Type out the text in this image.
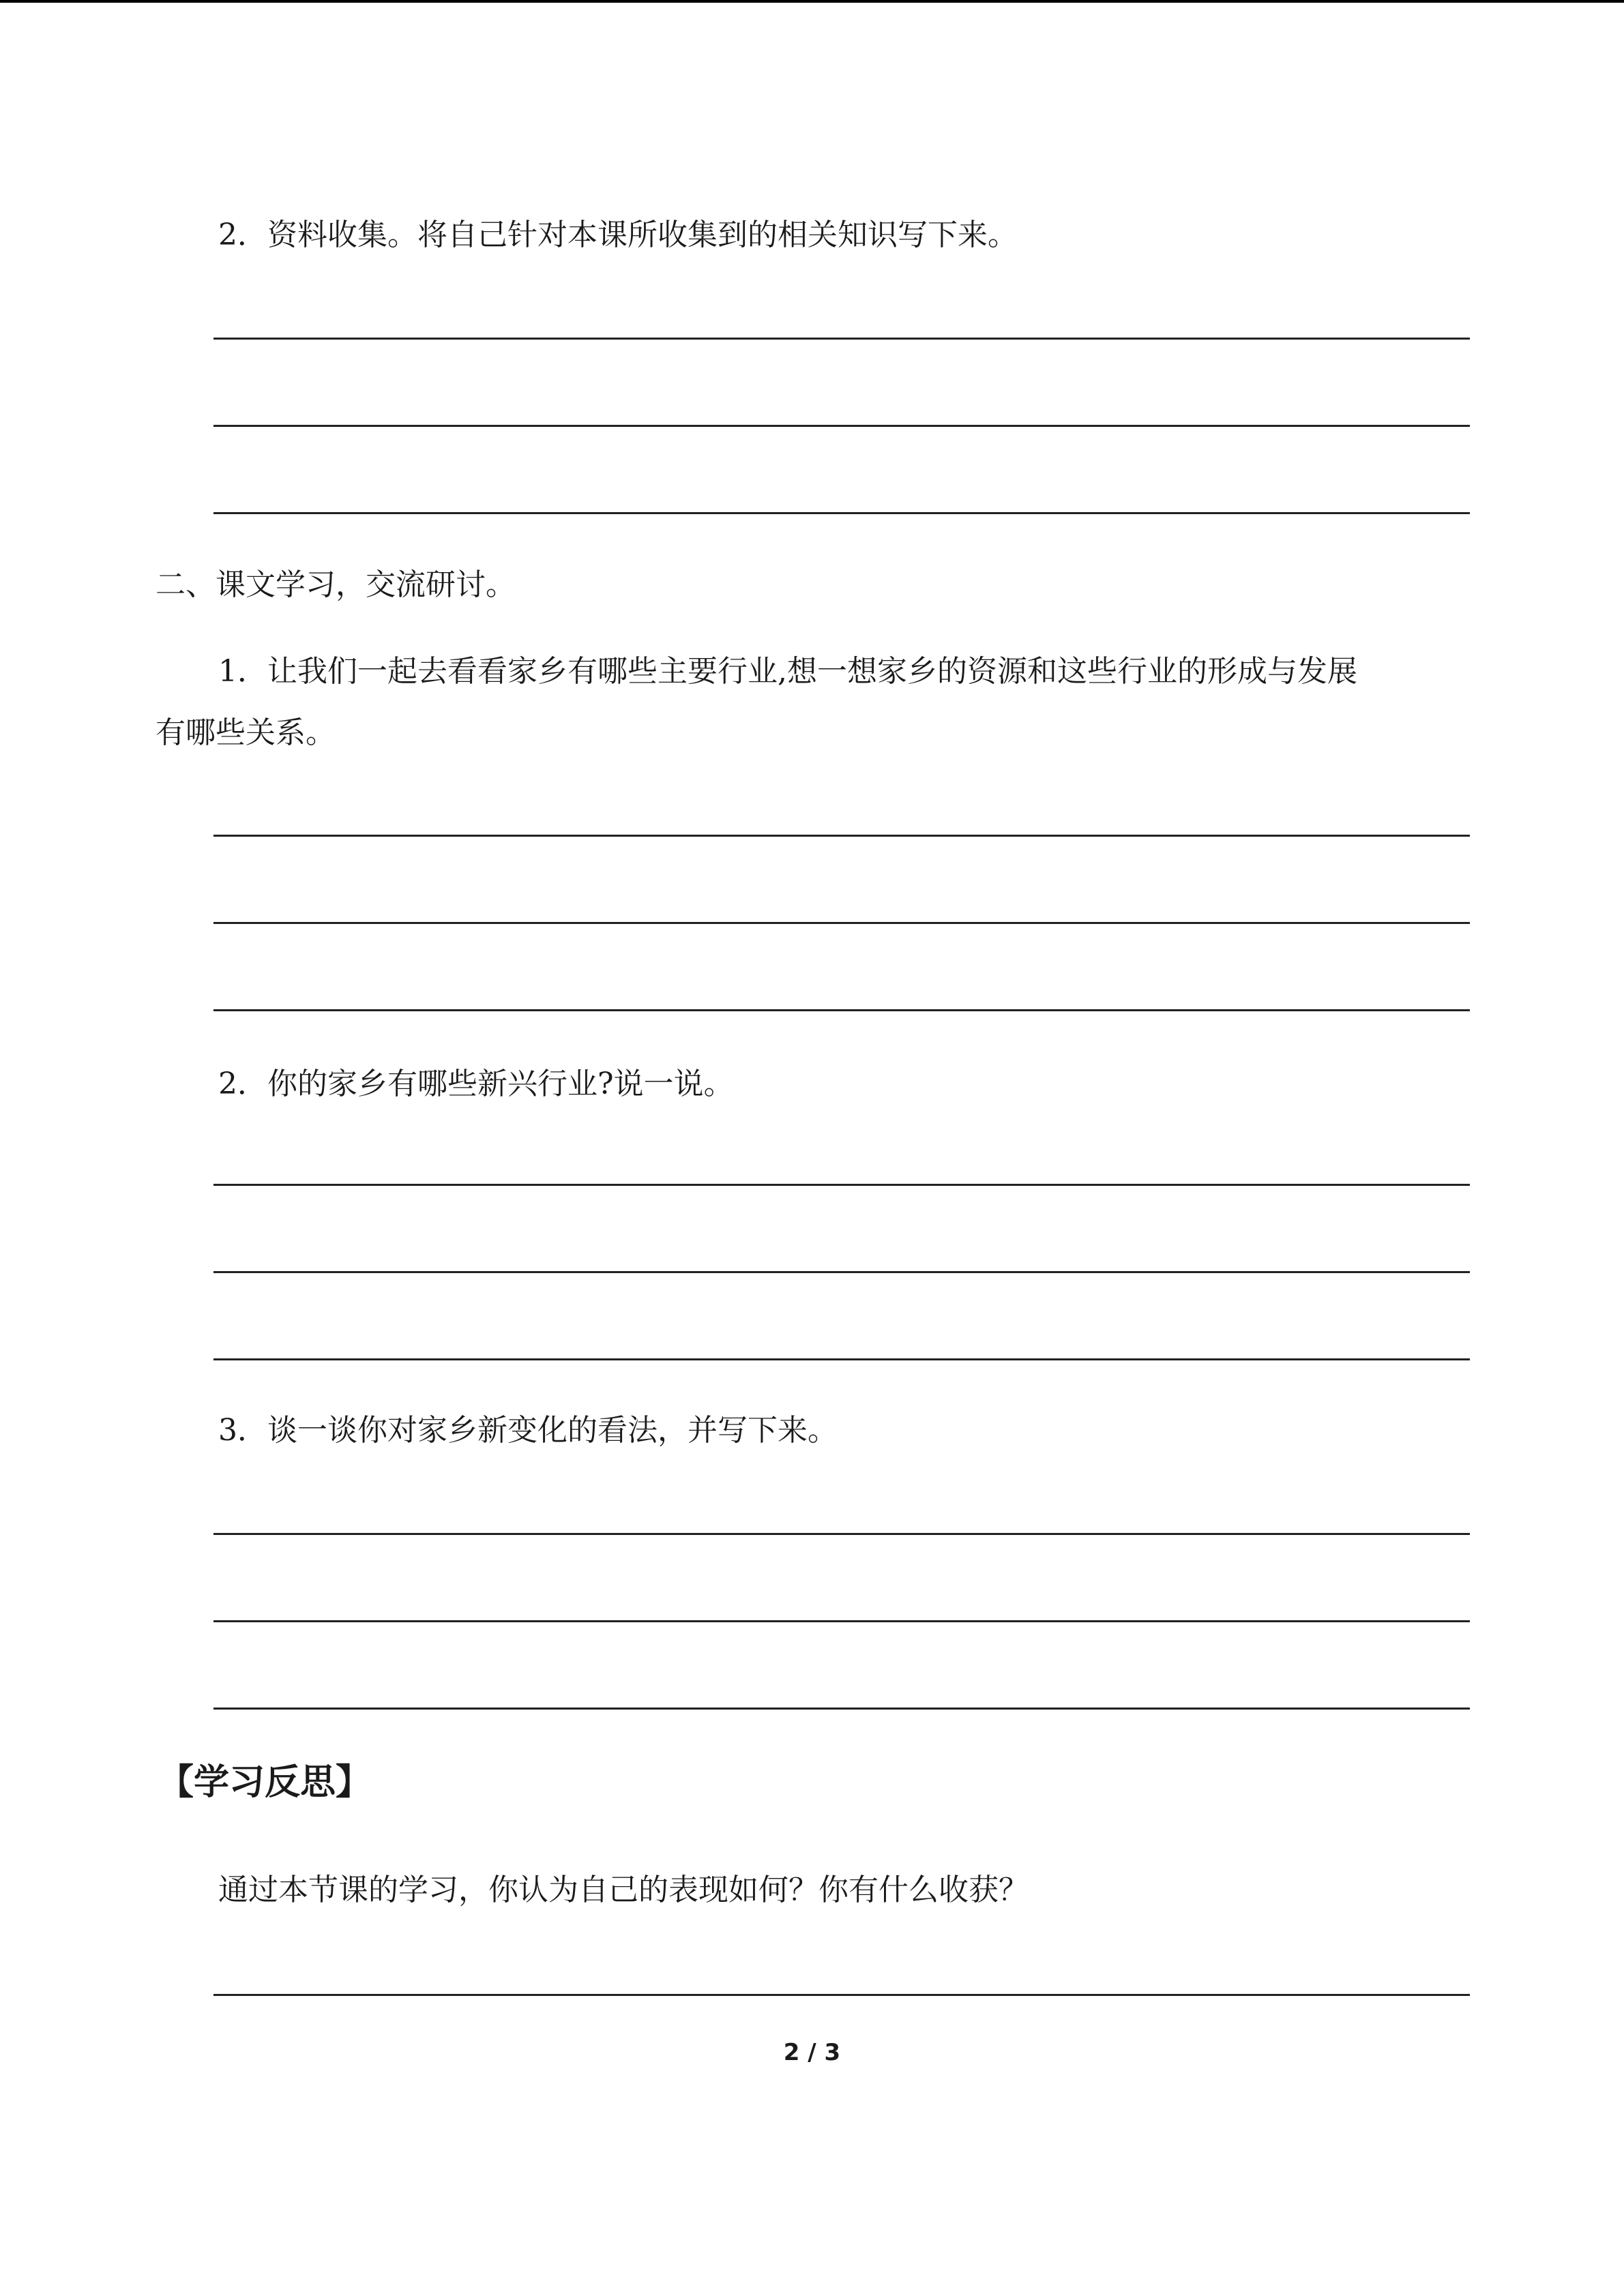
2．资料收集。将自己针对本课所收集到的相关知识写下来。
二、课文学习，交流研讨。
1．让我们一起去看看家乡有哪些主要行业,想一想家乡的资源和这些行业的形成与发展
有哪些关系。
2．你的家乡有哪些新兴行业?说一说。
3．谈一谈你对家乡新变化的看法，并写下来。
【学习反思】
通过本节课的学习，你认为自己的表现如何？你有什么收获？
2 / 3
